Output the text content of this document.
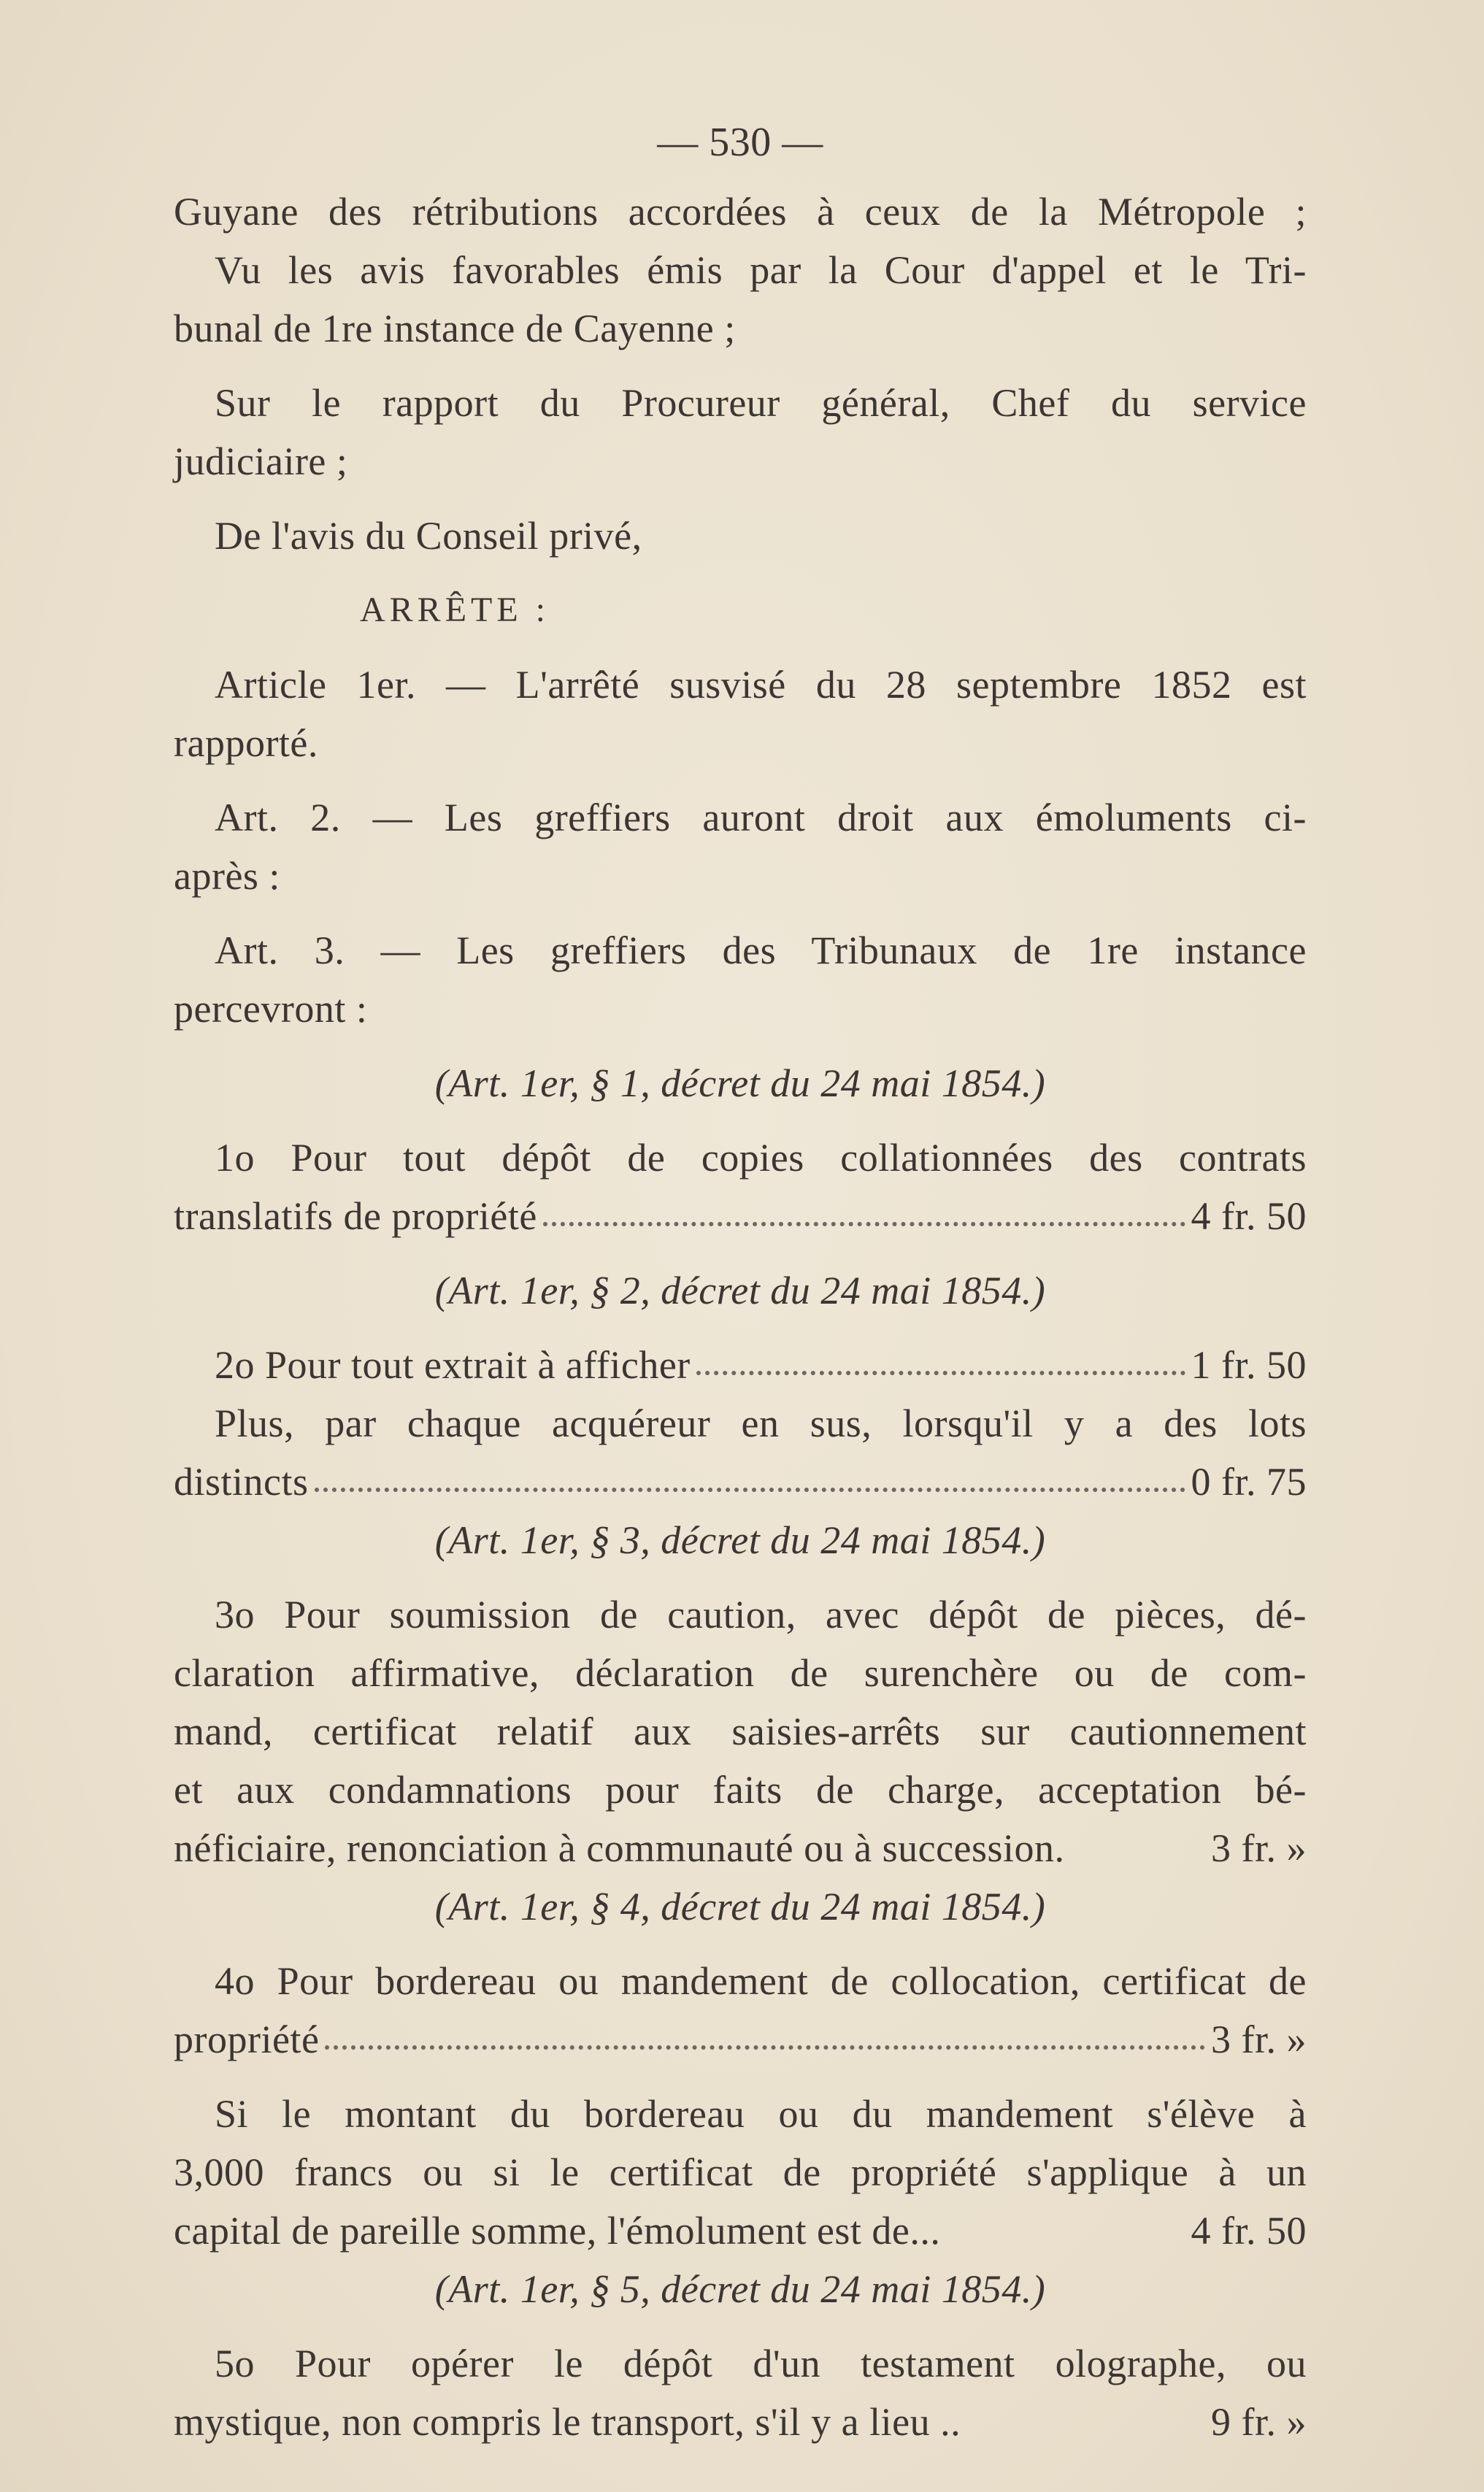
— 530 —
Guyane des rétributions accordées à ceux de la Métropole ;
Vu les avis favorables émis par la Cour d'appel et le Tri-
bunal de 1re instance de Cayenne ;
Sur le rapport du Procureur général, Chef du service
judiciaire ;
De l'avis du Conseil privé,
ARRÊTE :
Article 1er. — L'arrêté susvisé du 28 septembre 1852 est
rapporté.
Art. 2. — Les greffiers auront droit aux émoluments ci-
après :
Art. 3. — Les greffiers des Tribunaux de 1re instance
percevront :
(Art. 1er, § 1, décret du 24 mai 1854.)
1o Pour tout dépôt de copies collationnées des contrats
translatifs de propriété	4 fr. 50
(Art. 1er, § 2, décret du 24 mai 1854.)
2o Pour tout extrait à afficher	1 fr. 50
Plus, par chaque acquéreur en sus, lorsqu'il y a des lots
distincts	0 fr. 75
(Art. 1er, § 3, décret du 24 mai 1854.)
3o Pour soumission de caution, avec dépôt de pièces, dé-
claration affirmative, déclaration de surenchère ou de com-
mand, certificat relatif aux saisies-arrêts sur cautionnement
et aux condamnations pour faits de charge, acceptation bé-
néficiaire, renonciation à communauté ou à succession.	3 fr. »
(Art. 1er, § 4, décret du 24 mai 1854.)
4o Pour bordereau ou mandement de collocation, certificat de
propriété	3 fr. »
Si le montant du bordereau ou du mandement s'élève à
3,000 francs ou si le certificat de propriété s'applique à un
capital de pareille somme, l'émolument est de...	4 fr. 50
(Art. 1er, § 5, décret du 24 mai 1854.)
5o Pour opérer le dépôt d'un testament olographe, ou
mystique, non compris le transport, s'il y a lieu ..	9 fr. »
